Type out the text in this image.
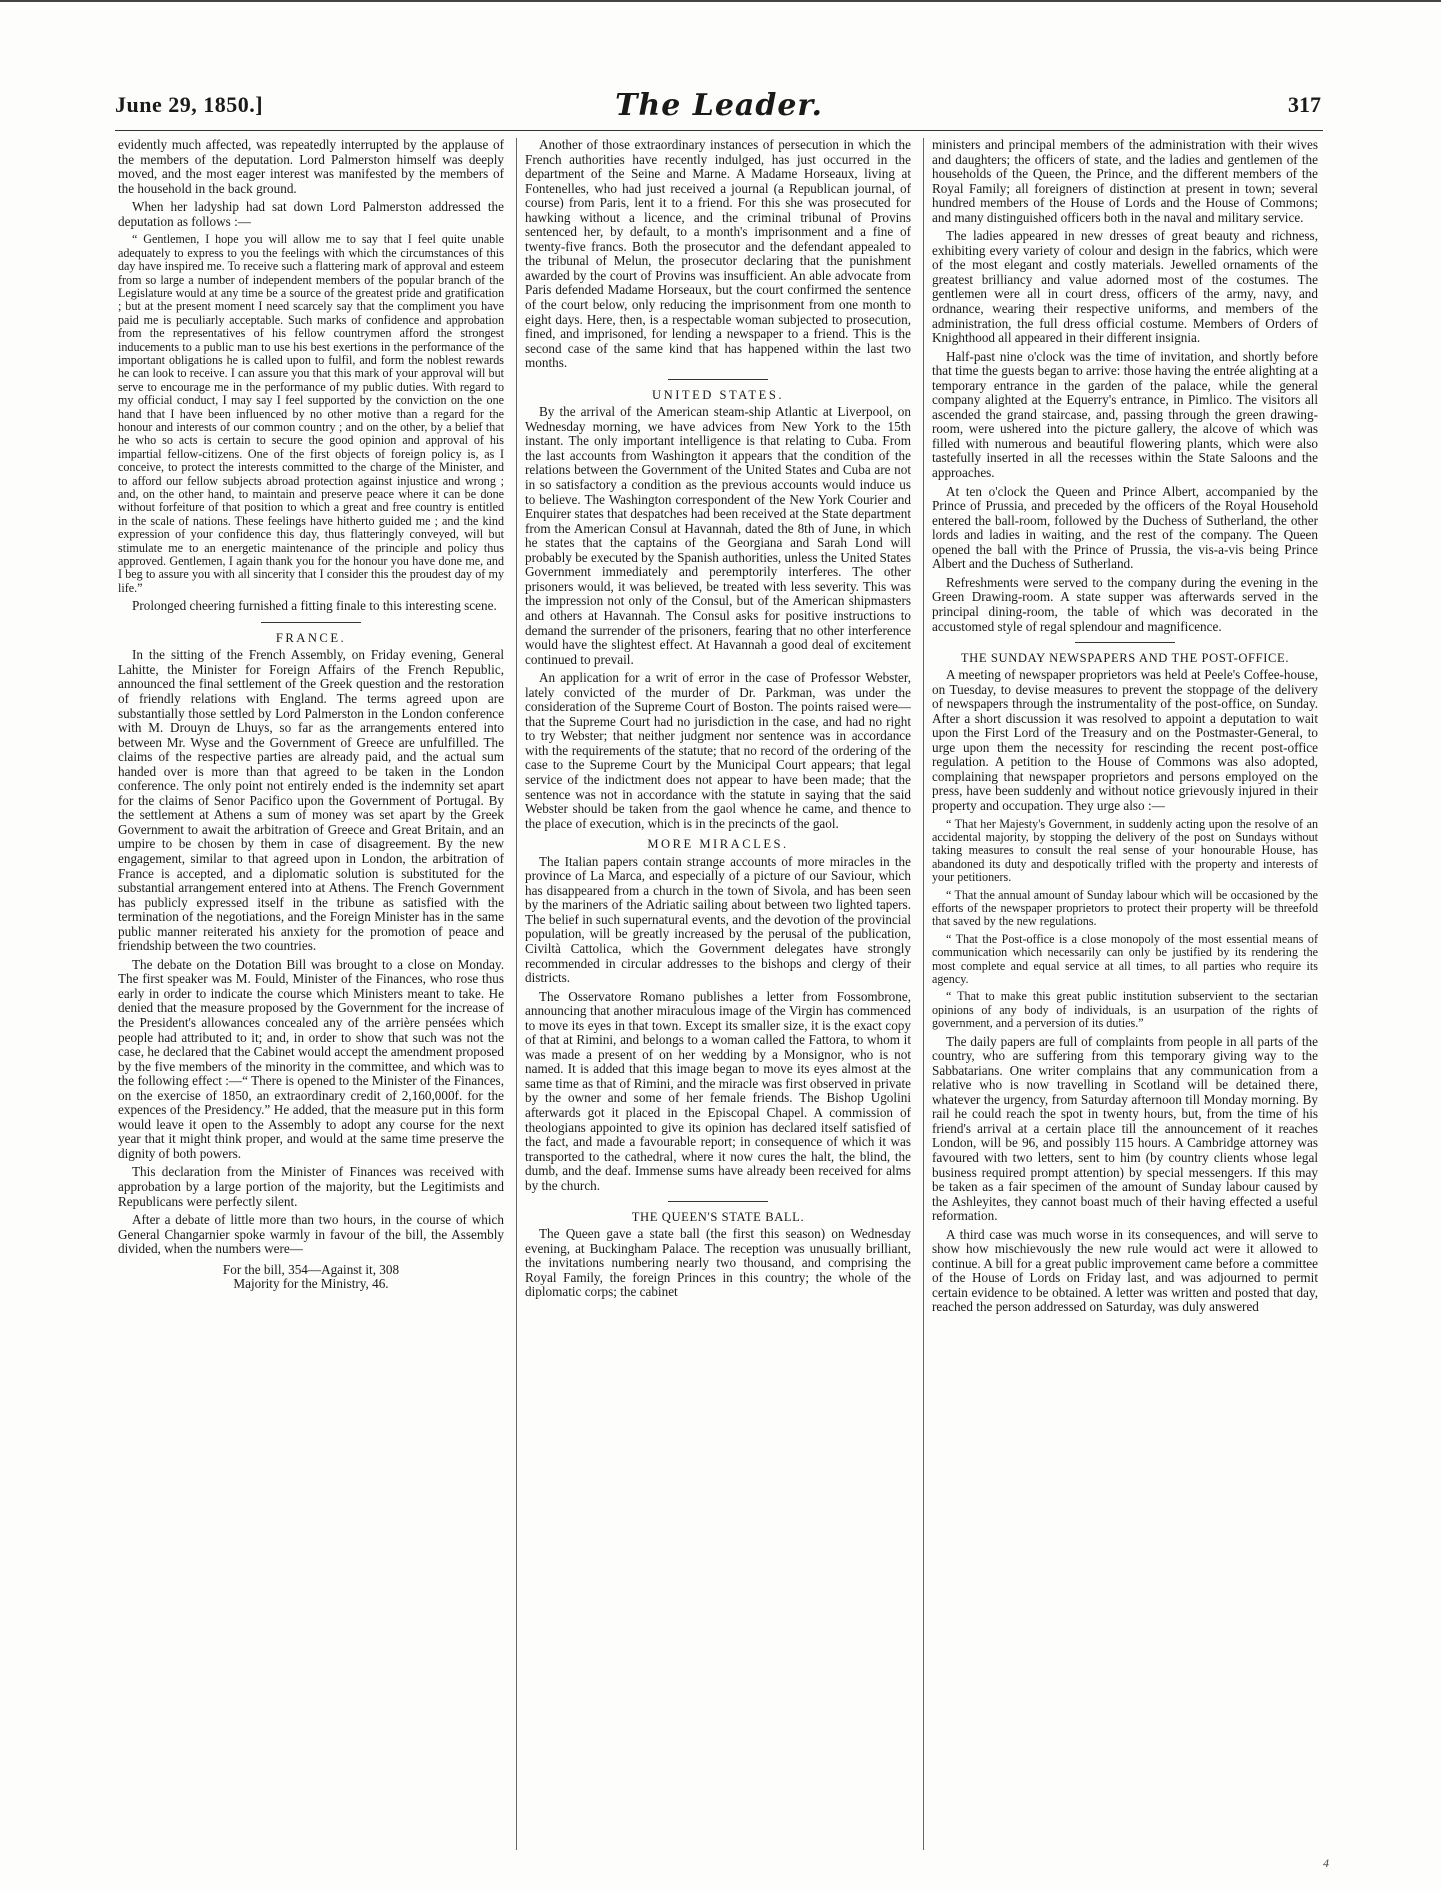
June 29, 1850.]	The Leader.	317

evidently much affected, was repeatedly interrupted by the applause of the members of the deputation. Lord Palmerston himself was deeply moved, and the most eager interest was manifested by the members of the household in the back ground.

When her ladyship had sat down Lord Palmerston addressed the deputation as follows :—

“ Gentlemen, I hope you will allow me to say that I feel quite unable adequately to express to you the feelings with which the circumstances of this day have inspired me. To receive such a flattering mark of approval and esteem from so large a number of independent members of the popular branch of the Legislature would at any time be a source of the greatest pride and gratification ; but at the present moment I need scarcely say that the compliment you have paid me is peculiarly acceptable. Such marks of confidence and approbation from the representatives of his fellow countrymen afford the strongest inducements to a public man to use his best exertions in the performance of the important obligations he is called upon to fulfil, and form the noblest rewards he can look to receive. I can assure you that this mark of your approval will but serve to encourage me in the performance of my public duties. With regard to my official conduct, I may say I feel supported by the conviction on the one hand that I have been influenced by no other motive than a regard for the honour and interests of our common country ; and on the other, by a belief that he who so acts is certain to secure the good opinion and approval of his impartial fellow-citizens. One of the first objects of foreign policy is, as I conceive, to protect the interests committed to the charge of the Minister, and to afford our fellow subjects abroad protection against injustice and wrong ; and, on the other hand, to maintain and preserve peace where it can be done without forfeiture of that position to which a great and free country is entitled in the scale of nations. These feelings have hitherto guided me ; and the kind expression of your confidence this day, thus flatteringly conveyed, will but stimulate me to an energetic maintenance of the principle and policy thus approved. Gentlemen, I again thank you for the honour you have done me, and I beg to assure you with all sincerity that I consider this the proudest day of my life.”

Prolonged cheering furnished a fitting finale to this interesting scene.

FRANCE.

In the sitting of the French Assembly, on Friday evening, General Lahitte, the Minister for Foreign Affairs of the French Republic, announced the final settlement of the Greek question and the restoration of friendly relations with England. The terms agreed upon are substantially those settled by Lord Palmerston in the London conference with M. Drouyn de Lhuys, so far as the arrangements entered into between Mr. Wyse and the Government of Greece are unfulfilled. The claims of the respective parties are already paid, and the actual sum handed over is more than that agreed to be taken in the London conference. The only point not entirely ended is the indemnity set apart for the claims of Senor Pacifico upon the Government of Portugal. By the settlement at Athens a sum of money was set apart by the Greek Government to await the arbitration of Greece and Great Britain, and an umpire to be chosen by them in case of disagreement. By the new engagement, similar to that agreed upon in London, the arbitration of France is accepted, and a diplomatic solution is substituted for the substantial arrangement entered into at Athens. The French Government has publicly expressed itself in the tribune as satisfied with the termination of the negotiations, and the Foreign Minister has in the same public manner reiterated his anxiety for the promotion of peace and friendship between the two countries.

The debate on the Dotation Bill was brought to a close on Monday. The first speaker was M. Fould, Minister of the Finances, who rose thus early in order to indicate the course which Ministers meant to take. He denied that the measure proposed by the Government for the increase of the President's allowances concealed any of the arrière pensées which people had attributed to it; and, in order to show that such was not the case, he declared that the Cabinet would accept the amendment proposed by the five members of the minority in the committee, and which was to the following effect :—“ There is opened to the Minister of the Finances, on the exercise of 1850, an extraordinary credit of 2,160,000f. for the expences of the Presidency.” He added, that the measure put in this form would leave it open to the Assembly to adopt any course for the next year that it might think proper, and would at the same time preserve the dignity of both powers.

This declaration from the Minister of Finances was received with approbation by a large portion of the majority, but the Legitimists and Republicans were perfectly silent.

After a debate of little more than two hours, in the course of which General Changarnier spoke warmly in favour of the bill, the Assembly divided, when the numbers were—

For the bill, 354—Against it, 308

Majority for the Ministry, 46.

Another of those extraordinary instances of persecution in which the French authorities have recently indulged, has just occurred in the department of the Seine and Marne. A Madame Horseaux, living at Fontenelles, who had just received a journal (a Republican journal, of course) from Paris, lent it to a friend. For this she was prosecuted for hawking without a licence, and the criminal tribunal of Provins sentenced her, by default, to a month's imprisonment and a fine of twenty-five francs. Both the prosecutor and the defendant appealed to the tribunal of Melun, the prosecutor declaring that the punishment awarded by the court of Provins was insufficient. An able advocate from Paris defended Madame Horseaux, but the court confirmed the sentence of the court below, only reducing the imprisonment from one month to eight days. Here, then, is a respectable woman subjected to prosecution, fined, and imprisoned, for lending a newspaper to a friend. This is the second case of the same kind that has happened within the last two months.

UNITED STATES.

By the arrival of the American steam-ship Atlantic at Liverpool, on Wednesday morning, we have advices from New York to the 15th instant. The only important intelligence is that relating to Cuba. From the last accounts from Washington it appears that the condition of the relations between the Government of the United States and Cuba are not in so satisfactory a condition as the previous accounts would induce us to believe. The Washington correspondent of the New York Courier and Enquirer states that despatches had been received at the State department from the American Consul at Havannah, dated the 8th of June, in which he states that the captains of the Georgiana and Sarah Lond will probably be executed by the Spanish authorities, unless the United States Government immediately and peremptorily interferes. The other prisoners would, it was believed, be treated with less severity. This was the impression not only of the Consul, but of the American shipmasters and others at Havannah. The Consul asks for positive instructions to demand the surrender of the prisoners, fearing that no other interference would have the slightest effect. At Havannah a good deal of excitement continued to prevail.

An application for a writ of error in the case of Professor Webster, lately convicted of the murder of Dr. Parkman, was under the consideration of the Supreme Court of Boston. The points raised were—that the Supreme Court had no jurisdiction in the case, and had no right to try Webster; that neither judgment nor sentence was in accordance with the requirements of the statute; that no record of the ordering of the case to the Supreme Court by the Municipal Court appears; that legal service of the indictment does not appear to have been made; that the sentence was not in accordance with the statute in saying that the said Webster should be taken from the gaol whence he came, and thence to the place of execution, which is in the precincts of the gaol.

MORE MIRACLES.

The Italian papers contain strange accounts of more miracles in the province of La Marca, and especially of a picture of our Saviour, which has disappeared from a church in the town of Sivola, and has been seen by the mariners of the Adriatic sailing about between two lighted tapers. The belief in such supernatural events, and the devotion of the provincial population, will be greatly increased by the perusal of the publication, Civiltà Cattolica, which the Government delegates have strongly recommended in circular addresses to the bishops and clergy of their districts.

The Osservatore Romano publishes a letter from Fossombrone, announcing that another miraculous image of the Virgin has commenced to move its eyes in that town. Except its smaller size, it is the exact copy of that at Rimini, and belongs to a woman called the Fattora, to whom it was made a present of on her wedding by a Monsignor, who is not named. It is added that this image began to move its eyes almost at the same time as that of Rimini, and the miracle was first observed in private by the owner and some of her female friends. The Bishop Ugolini afterwards got it placed in the Episcopal Chapel. A commission of theologians appointed to give its opinion has declared itself satisfied of the fact, and made a favourable report; in consequence of which it was transported to the cathedral, where it now cures the halt, the blind, the dumb, and the deaf. Immense sums have already been received for alms by the church.

THE QUEEN'S STATE BALL.

The Queen gave a state ball (the first this season) on Wednesday evening, at Buckingham Palace. The reception was unusually brilliant, the invitations numbering nearly two thousand, and comprising the Royal Family, the foreign Princes in this country; the whole of the diplomatic corps; the cabinet

ministers and principal members of the administration with their wives and daughters; the officers of state, and the ladies and gentlemen of the households of the Queen, the Prince, and the different members of the Royal Family; all foreigners of distinction at present in town; several hundred members of the House of Lords and the House of Commons; and many distinguished officers both in the naval and military service.

The ladies appeared in new dresses of great beauty and richness, exhibiting every variety of colour and design in the fabrics, which were of the most elegant and costly materials. Jewelled ornaments of the greatest brilliancy and value adorned most of the costumes. The gentlemen were all in court dress, officers of the army, navy, and ordnance, wearing their respective uniforms, and members of the administration, the full dress official costume. Members of Orders of Knighthood all appeared in their different insignia.

Half-past nine o'clock was the time of invitation, and shortly before that time the guests began to arrive: those having the entrée alighting at a temporary entrance in the garden of the palace, while the general company alighted at the Equerry's entrance, in Pimlico. The visitors all ascended the grand staircase, and, passing through the green drawing-room, were ushered into the picture gallery, the alcove of which was filled with numerous and beautiful flowering plants, which were also tastefully inserted in all the recesses within the State Saloons and the approaches.

At ten o'clock the Queen and Prince Albert, accompanied by the Prince of Prussia, and preceded by the officers of the Royal Household entered the ball-room, followed by the Duchess of Sutherland, the other lords and ladies in waiting, and the rest of the company. The Queen opened the ball with the Prince of Prussia, the vis-a-vis being Prince Albert and the Duchess of Sutherland.

Refreshments were served to the company during the evening in the Green Drawing-room. A state supper was afterwards served in the principal dining-room, the table of which was decorated in the accustomed style of regal splendour and magnificence.

THE SUNDAY NEWSPAPERS AND THE POST-OFFICE.

A meeting of newspaper proprietors was held at Peele's Coffee-house, on Tuesday, to devise measures to prevent the stoppage of the delivery of newspapers through the instrumentality of the post-office, on Sunday. After a short discussion it was resolved to appoint a deputation to wait upon the First Lord of the Treasury and on the Postmaster-General, to urge upon them the necessity for rescinding the recent post-office regulation. A petition to the House of Commons was also adopted, complaining that newspaper proprietors and persons employed on the press, have been suddenly and without notice grievously injured in their property and occupation. They urge also :—

“ That her Majesty's Government, in suddenly acting upon the resolve of an accidental majority, by stopping the delivery of the post on Sundays without taking measures to consult the real sense of your honourable House, has abandoned its duty and despotically trifled with the property and interests of your petitioners.

“ That the annual amount of Sunday labour which will be occasioned by the efforts of the newspaper proprietors to protect their property will be threefold that saved by the new regulations.

“ That the Post-office is a close monopoly of the most essential means of communication which necessarily can only be justified by its rendering the most complete and equal service at all times, to all parties who require its agency.

“ That to make this great public institution subservient to the sectarian opinions of any body of individuals, is an usurpation of the rights of government, and a perversion of its duties.”

The daily papers are full of complaints from people in all parts of the country, who are suffering from this temporary giving way to the Sabbatarians. One writer complains that any communication from a relative who is now travelling in Scotland will be detained there, whatever the urgency, from Saturday afternoon till Monday morning. By rail he could reach the spot in twenty hours, but, from the time of his friend's arrival at a certain place till the announcement of it reaches London, will be 96, and possibly 115 hours. A Cambridge attorney was favoured with two letters, sent to him (by country clients whose legal business required prompt attention) by special messengers. If this may be taken as a fair specimen of the amount of Sunday labour caused by the Ashleyites, they cannot boast much of their having effected a useful reformation.

A third case was much worse in its consequences, and will serve to show how mischievously the new rule would act were it allowed to continue. A bill for a great public improvement came before a committee of the House of Lords on Friday last, and was adjourned to permit certain evidence to be obtained. A letter was written and posted that day, reached the person addressed on Saturday, was duly answered

4
